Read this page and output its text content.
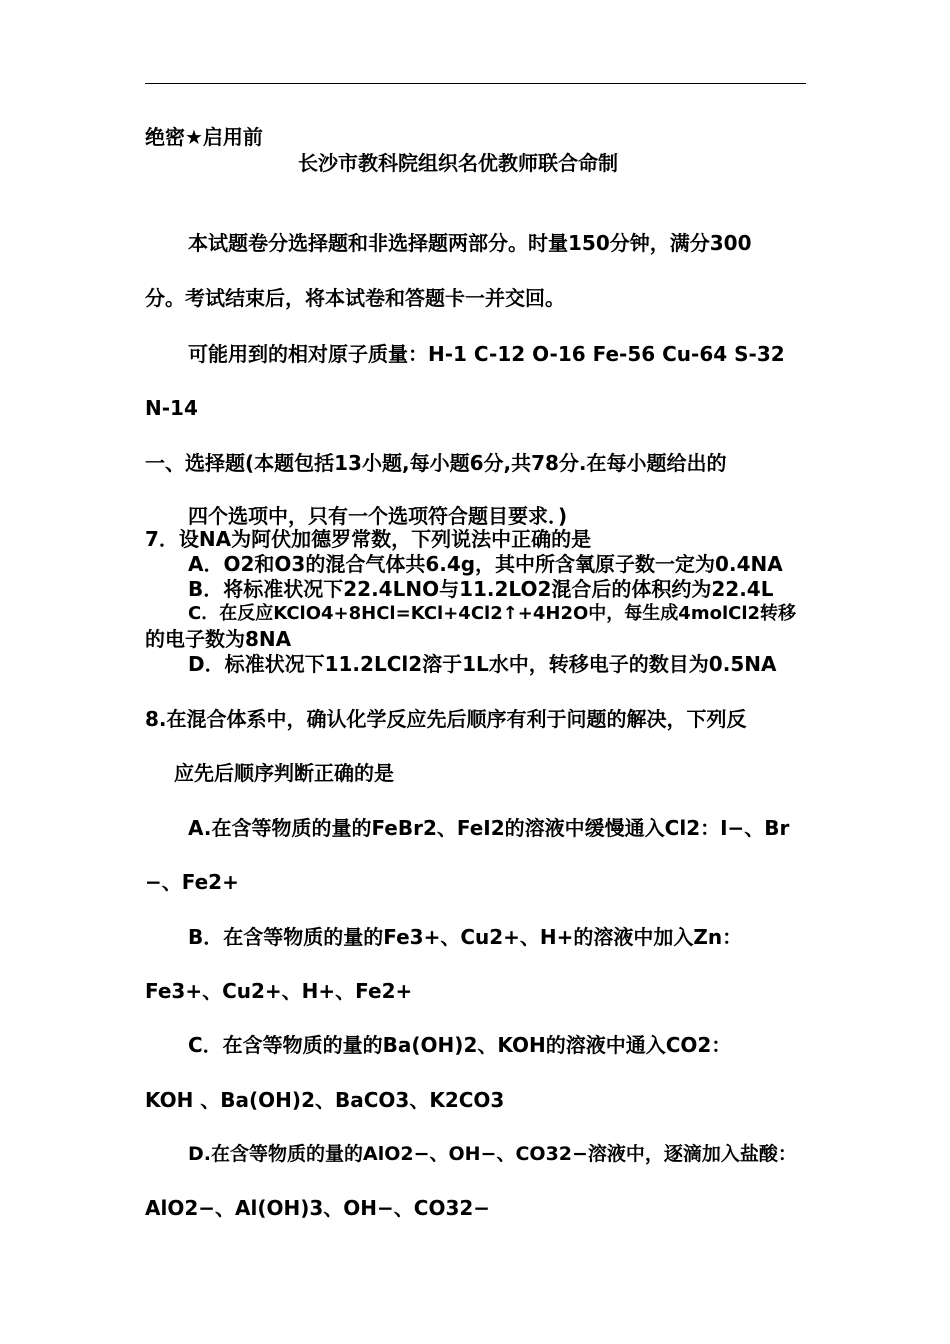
绝密★启用前
长沙市教科院组织名优教师联合命制
本试题卷分选择题和非选择题两部分。时量150分钟，满分300
分。考试结束后，将本试卷和答题卡一并交回。
可能用到的相对原子质量：H-1 C-12 O-16 Fe-56 Cu-64 S-32
N-14
一、选择题(本题包括13小题,每小题6分,共78分.在每小题给出的
四个选项中，只有一个选项符合题目要求．)
7．设NA为阿伏加德罗常数，下列说法中正确的是
A．O2和O3的混合气体共6.4g，其中所含氧原子数一定为0.4NA
B．将标准状况下22.4LNO与11.2LO2混合后的体积约为22.4L
C．在反应KClO4+8HCl=KCl+4Cl2↑+4H2O中，每生成4molCl2转移
的电子数为8NA
D．标准状况下11.2LCl2溶于1L水中，转移电子的数目为0.5NA
8.在混合体系中，确认化学反应先后顺序有利于问题的解决，下列反
应先后顺序判断正确的是
A.在含等物质的量的FeBr2、FeI2的溶液中缓慢通入Cl2：I−、Br
−、Fe2+
B．在含等物质的量的Fe3+、Cu2+、H+的溶液中加入Zn：
Fe3+、Cu2+、H+、Fe2+
C．在含等物质的量的Ba(OH)2、KOH的溶液中通入CO2：
KOH 、Ba(OH)2、BaCO3、K2CO3
D.在含等物质的量的AlO2−、OH−、CO32−溶液中，逐滴加入盐酸：
AlO2−、Al(OH)3、OH−、CO32−
